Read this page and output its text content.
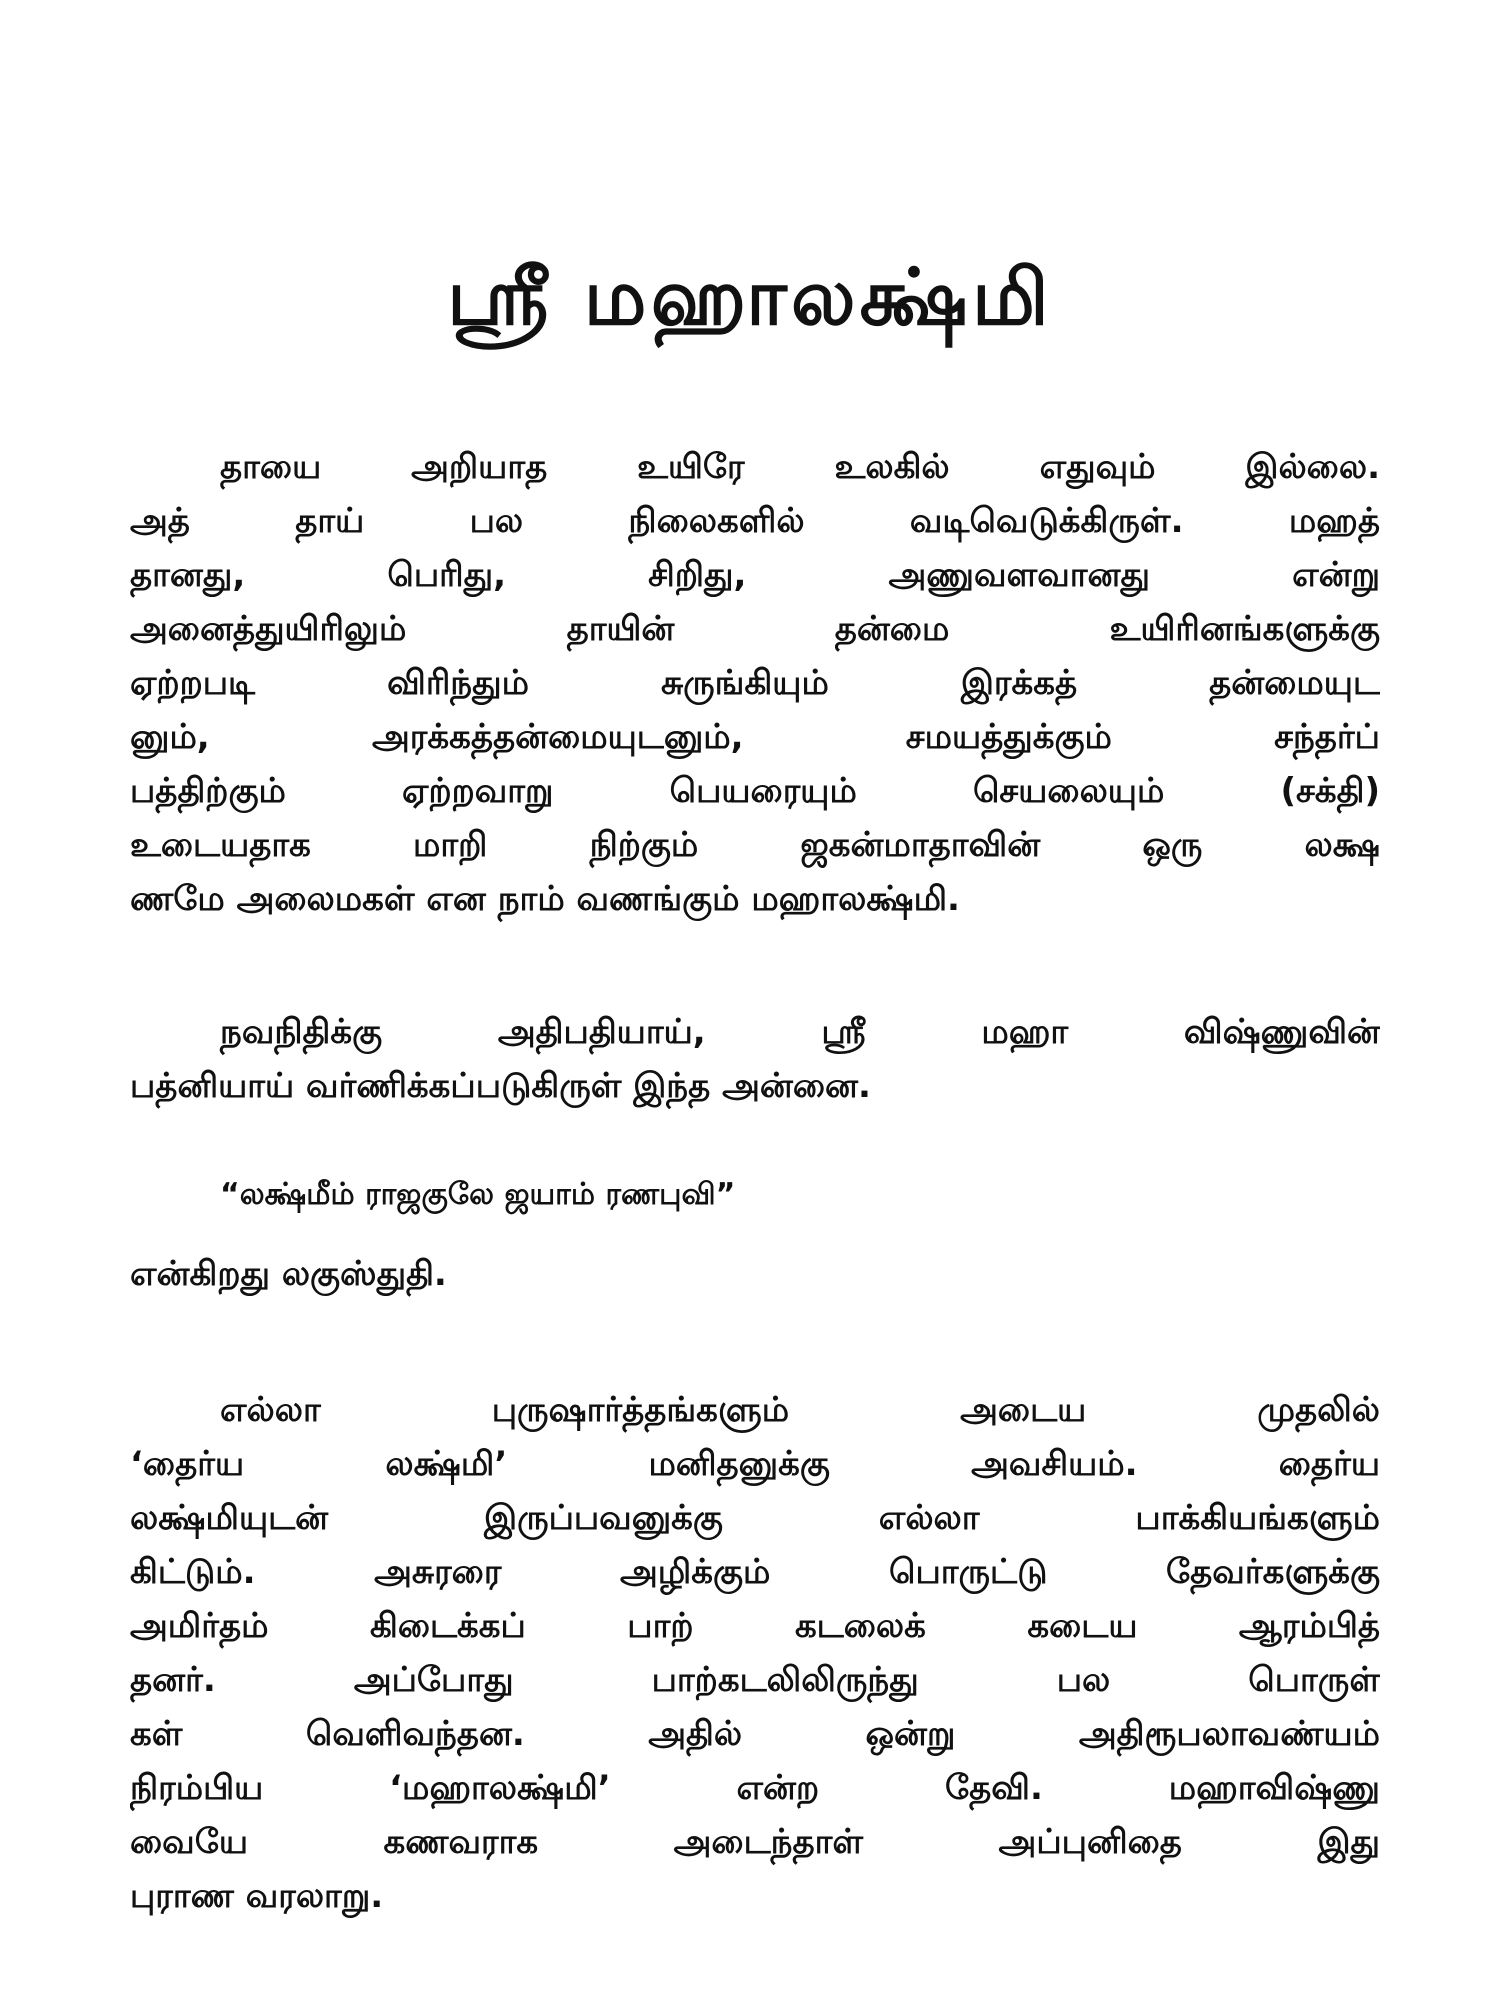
ஸ்ரீ மஹாலக்ஷ்மி
தாயை அறியாத உயிரே உலகில் எதுவும் இல்லை.
அத் தாய் பல நிலைகளில் வடிவெடுக்கிருள். மஹத்
தானது, பெரிது, சிறிது, அணுவளவானது என்று
அனைத்துயிரிலும் தாயின் தன்மை உயிரினங்களுக்கு
ஏற்றபடி விரிந்தும் சுருங்கியும் இரக்கத் தன்மையுட
னும், அரக்கத்தன்மையுடனும், சமயத்துக்கும் சந்தர்ப்
பத்திற்கும் ஏற்றவாறு பெயரையும் செயலையும் (சக்தி)
உடையதாக மாறி நிற்கும் ஜகன்மாதாவின் ஒரு லக்ஷ
ணமே அலைமகள் என நாம் வணங்கும் மஹாலக்ஷ்மி.
நவநிதிக்கு அதிபதியாய், ஸ்ரீ மஹா விஷ்ணுவின்
பத்னியாய் வர்ணிக்கப்படுகிருள் இந்த அன்னை.
“லக்ஷ்மீம் ராஜகுலே ஜயாம் ரணபுவி”
என்கிறது லகுஸ்துதி.
எல்லா புருஷார்த்தங்களும் அடைய முதலில்
‘தைர்ய லக்ஷ்மி’ மனிதனுக்கு அவசியம். தைர்ய
லக்ஷ்மியுடன் இருப்பவனுக்கு எல்லா பாக்கியங்களும்
கிட்டும். அசுரரை அழிக்கும் பொருட்டு தேவர்களுக்கு
அமிர்தம் கிடைக்கப் பாற் கடலைக் கடைய ஆரம்பித்
தனர். அப்போது பாற்கடலிலிருந்து பல பொருள்
கள் வெளிவந்தன. அதில் ஒன்று அதிரூபலாவண்யம்
நிரம்பிய ‘மஹாலக்ஷ்மி’ என்ற தேவி. மஹாவிஷ்ணு
வையே கணவராக அடைந்தாள் அப்புனிதை இது
புராண வரலாறு.
